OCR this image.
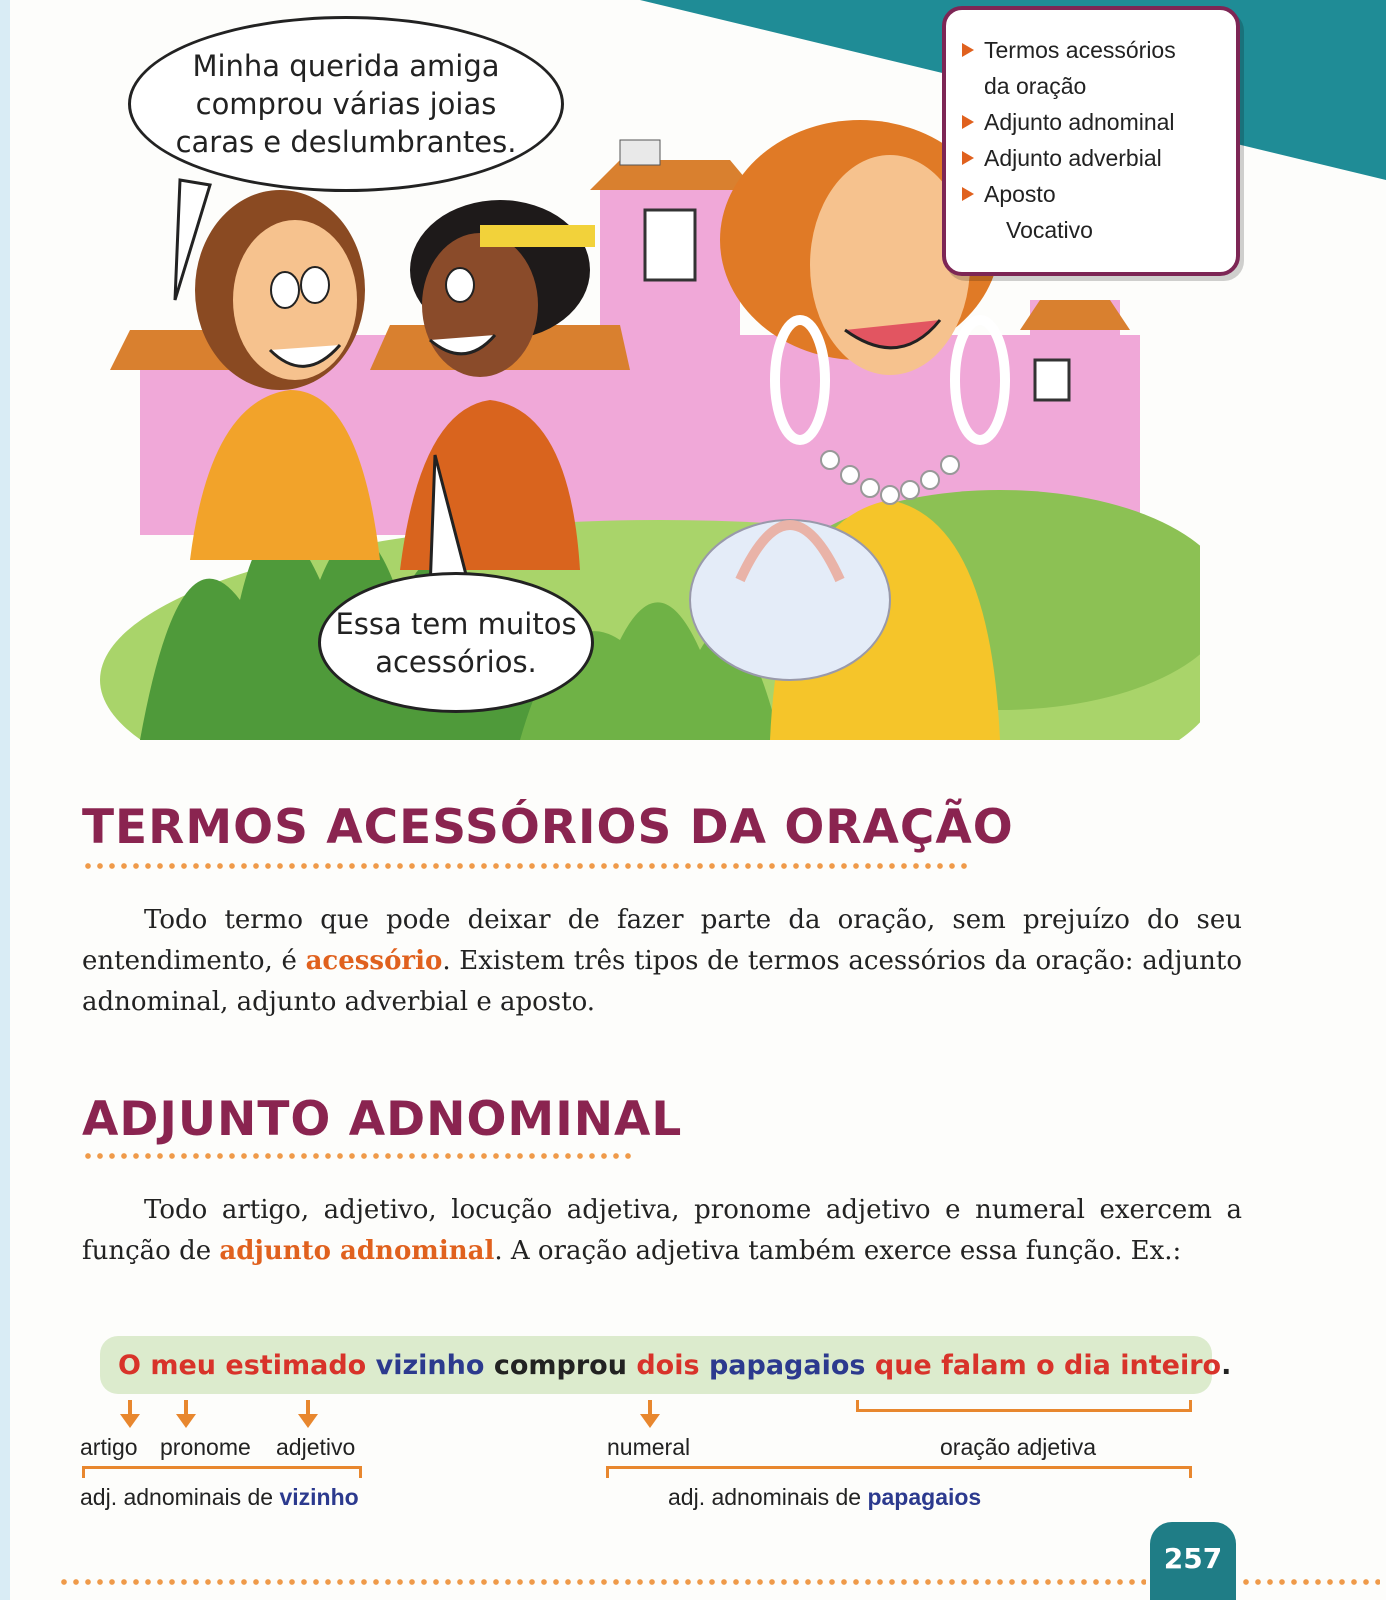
Minha querida amiga
comprou várias joias
caras e deslumbrantes.
Essa tem muitos
acessórios.
Termos acessórios
da oração
Adjunto adnominal
Adjunto adverbial
Aposto
Vocativo
TERMOS ACESSÓRIOS DA ORAÇÃO

Todo termo que pode deixar de fazer parte da oração, sem prejuízo do seu entendimento, é acessório. Existem três tipos de termos acessórios da oração: adjunto adnominal, adjunto adverbial e aposto.

ADJUNTO ADNOMINAL

Todo artigo, adjetivo, locução adjetiva, pronome adjetivo e numeral exercem a função de adjunto adnominal. A oração adjetiva também exerce essa função. Ex.:

O meu estimado vizinho comprou dois papagaios que falam o dia inteiro .
artigo pronome adjetivo	numeral	oração adjetiva
adj. adnominais de vizinho	adj. adnominais de papagaios
257
